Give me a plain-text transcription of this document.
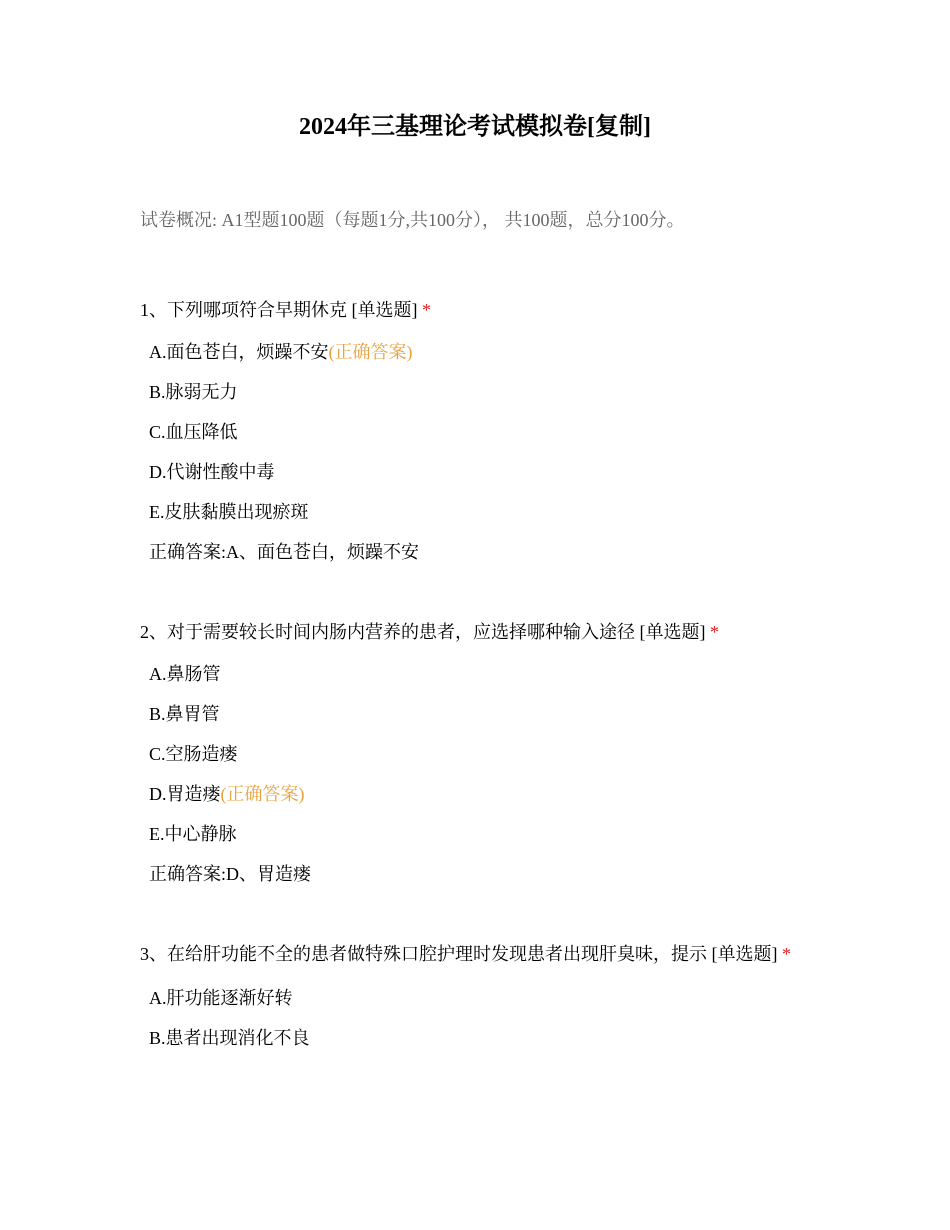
2024年三基理论考试模拟卷[复制]
试卷概况: A1型题100题（每题1分,共100分）， 共100题，总分100分。
1、下列哪项符合早期休克 [单选题] *
A.面色苍白，烦躁不安(正确答案)
B.脉弱无力
C.血压降低
D.代谢性酸中毒
E.皮肤黏膜出现瘀斑
正确答案:A、面色苍白，烦躁不安
2、对于需要较长时间内肠内营养的患者，应选择哪种输入途径 [单选题] *
A.鼻肠管
B.鼻胃管
C.空肠造瘘
D.胃造瘘(正确答案)
E.中心静脉
正确答案:D、胃造瘘
3、在给肝功能不全的患者做特殊口腔护理时发现患者出现肝臭味，提示 [单选题] *
A.肝功能逐渐好转
B.患者出现消化不良
